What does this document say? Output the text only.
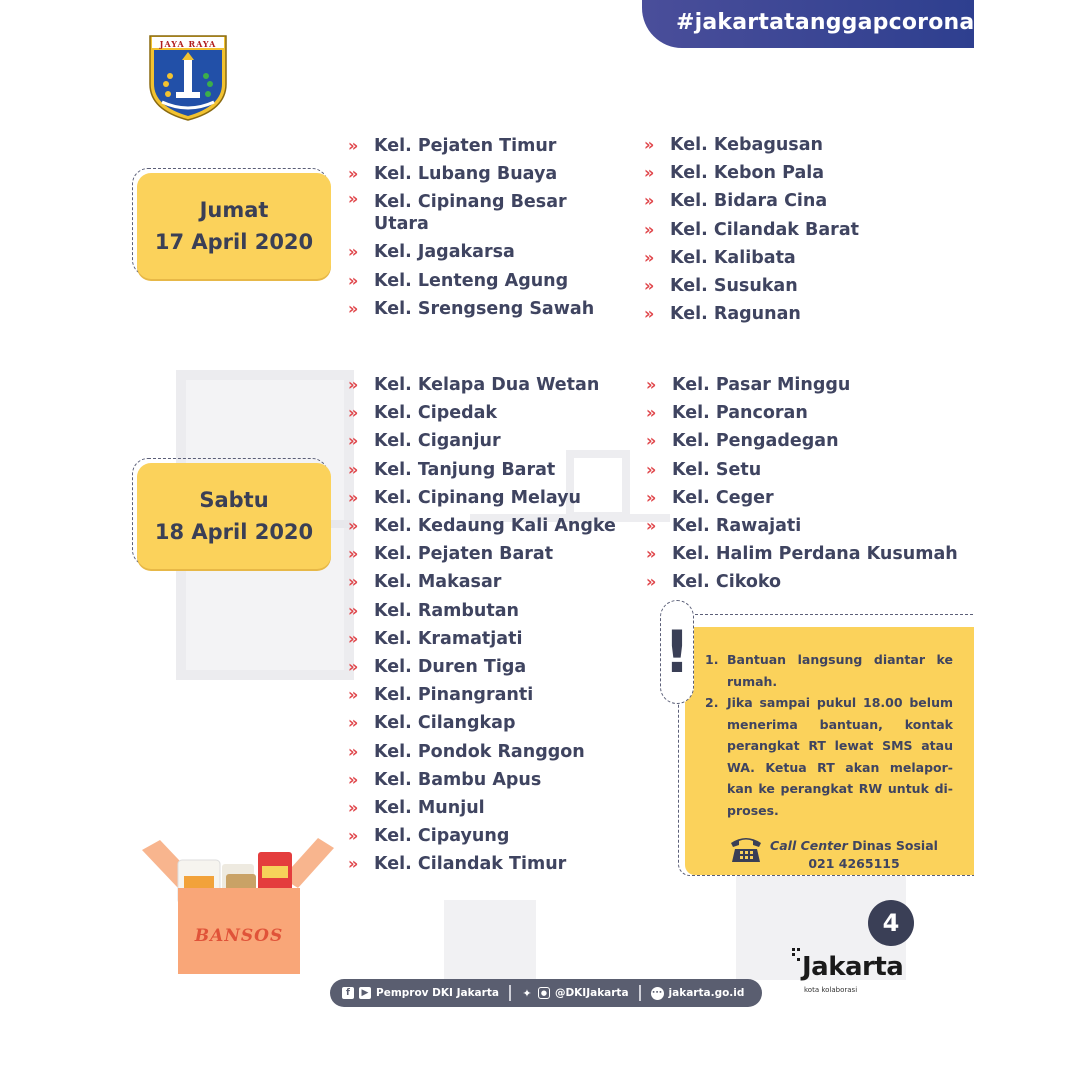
#jakartatanggapcorona
JAYA RAYA
Jumat
17 April 2020
» Kel. Pejaten Timur
» Kel. Lubang Buaya
» Kel. Cipinang Besar Utara
» Kel. Jagakarsa
» Kel. Lenteng Agung
» Kel. Srengseng Sawah
» Kel. Kebagusan
» Kel. Kebon Pala
» Kel. Bidara Cina
» Kel. Cilandak Barat
» Kel. Kalibata
» Kel. Susukan
» Kel. Ragunan
Sabtu
18 April 2020
» Kel. Kelapa Dua Wetan
» Kel. Cipedak
» Kel. Ciganjur
» Kel. Tanjung Barat
» Kel. Cipinang Melayu
» Kel. Kedaung Kali Angke
» Kel. Pejaten Barat
» Kel. Makasar
» Kel. Rambutan
» Kel. Kramatjati
» Kel. Duren Tiga
» Kel. Pinangranti
» Kel. Cilangkap
» Kel. Pondok Ranggon
» Kel. Bambu Apus
» Kel. Munjul
» Kel. Cipayung
» Kel. Cilandak Timur
» Kel. Pasar Minggu
» Kel. Pancoran
» Kel. Pengadegan
» Kel. Setu
» Kel. Ceger
» Kel. Rawajati
» Kel. Halim Perdana Kusumah
» Kel. Cikoko
1. Bantuan langsung diantar ke rumah.
2. Jika sampai pukul 18.00 belum menerima bantuan, kontak perangkat RT lewat SMS atau WA. Ketua RT akan melapor-kan ke perangkat RW untuk di-proses.
Call Center Dinas Sosial
021 4265115
!
BANSOS	4
Jakarta
kota kolaborasi
f	▶ Pemprov DKI Jakarta ✦	● @DKIJakarta	∙∙∙ jakarta.go.id
